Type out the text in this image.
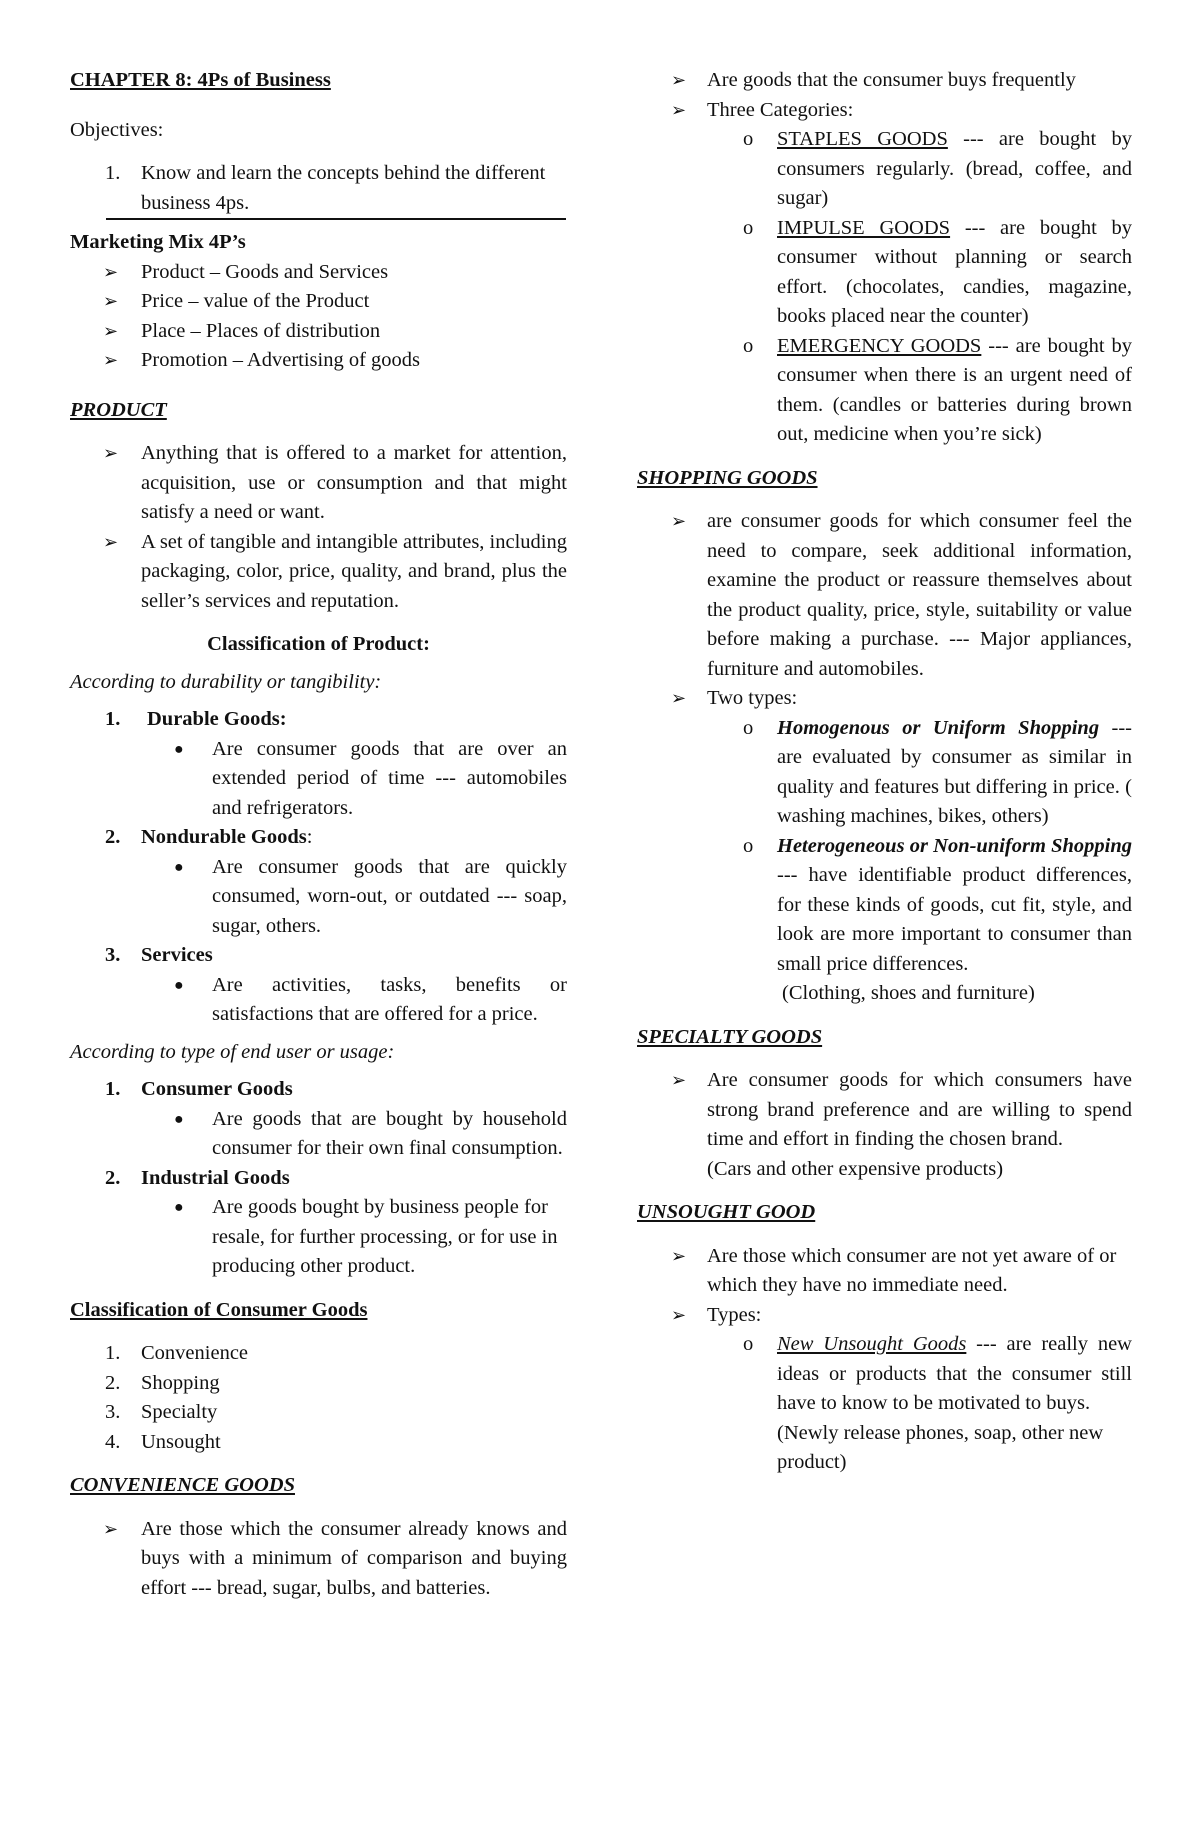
CHAPTER 8: 4Ps of Business

Objectives:

1. Know and learn the concepts behind the different business 4ps.

Marketing Mix 4P’s

➢ Product – Goods and Services

➢ Price – value of the Product

➢ Place – Places of distribution

➢ Promotion – Advertising of goods

PRODUCT

➢ Anything that is offered to a market for attention, acquisition, use or consumption and that might satisfy a need or want.

➢ A set of tangible and intangible attributes, including packaging, color, price, quality, and brand, plus the seller’s services and reputation.

Classification of Product:

According to durability or tangibility:

1. Durable Goods:

● Are consumer goods that are over an extended period of time --- automobiles and refrigerators.

2. Nondurable Goods:

● Are consumer goods that are quickly consumed, worn-out, or outdated --- soap, sugar, others.

3. Services

● Are activities, tasks, benefits or satisfactions that are offered for a price.

According to type of end user or usage:

1. Consumer Goods

● Are goods that are bought by household consumer for their own final consumption.

2. Industrial Goods

● Are goods bought by business people for resale, for further processing, or for use in producing other product.

Classification of Consumer Goods

1. Convenience

2. Shopping

3. Specialty

4. Unsought

CONVENIENCE GOODS

➢ Are those which the consumer already knows and buys with a minimum of comparison and buying effort --- bread, sugar, bulbs, and batteries.

➢ Are goods that the consumer buys frequently

➢ Three Categories:

o STAPLES GOODS --- are bought by consumers regularly. (bread, coffee, and sugar)

o IMPULSE GOODS --- are bought by consumer without planning or search effort. (chocolates, candies, magazine, books placed near the counter)

o EMERGENCY GOODS --- are bought by consumer when there is an urgent need of them. (candles or batteries during brown out, medicine when you’re sick)

SHOPPING GOODS

➢ are consumer goods for which consumer feel the need to compare, seek additional information, examine the product or reassure themselves about the product quality, price, style, suitability or value before making a purchase. --- Major appliances, furniture and automobiles.

➢ Two types:

o Homogenous or Uniform Shopping --- are evaluated by consumer as similar in quality and features but differing in price. ( washing machines, bikes, others)

o Heterogeneous or Non-uniform Shopping --- have identifiable product differences, for these kinds of goods, cut fit, style, and look are more important to consumer than small price differences.

(Clothing, shoes and furniture)

SPECIALTY GOODS

➢ Are consumer goods for which consumers have strong brand preference and are willing to spend time and effort in finding the chosen brand.

(Cars and other expensive products)

UNSOUGHT GOOD

➢ Are those which consumer are not yet aware of or which they have no immediate need.

➢ Types:

o New Unsought Goods --- are really new ideas or products that the consumer still have to know to be motivated to buys.

(Newly release phones, soap, other new product)
